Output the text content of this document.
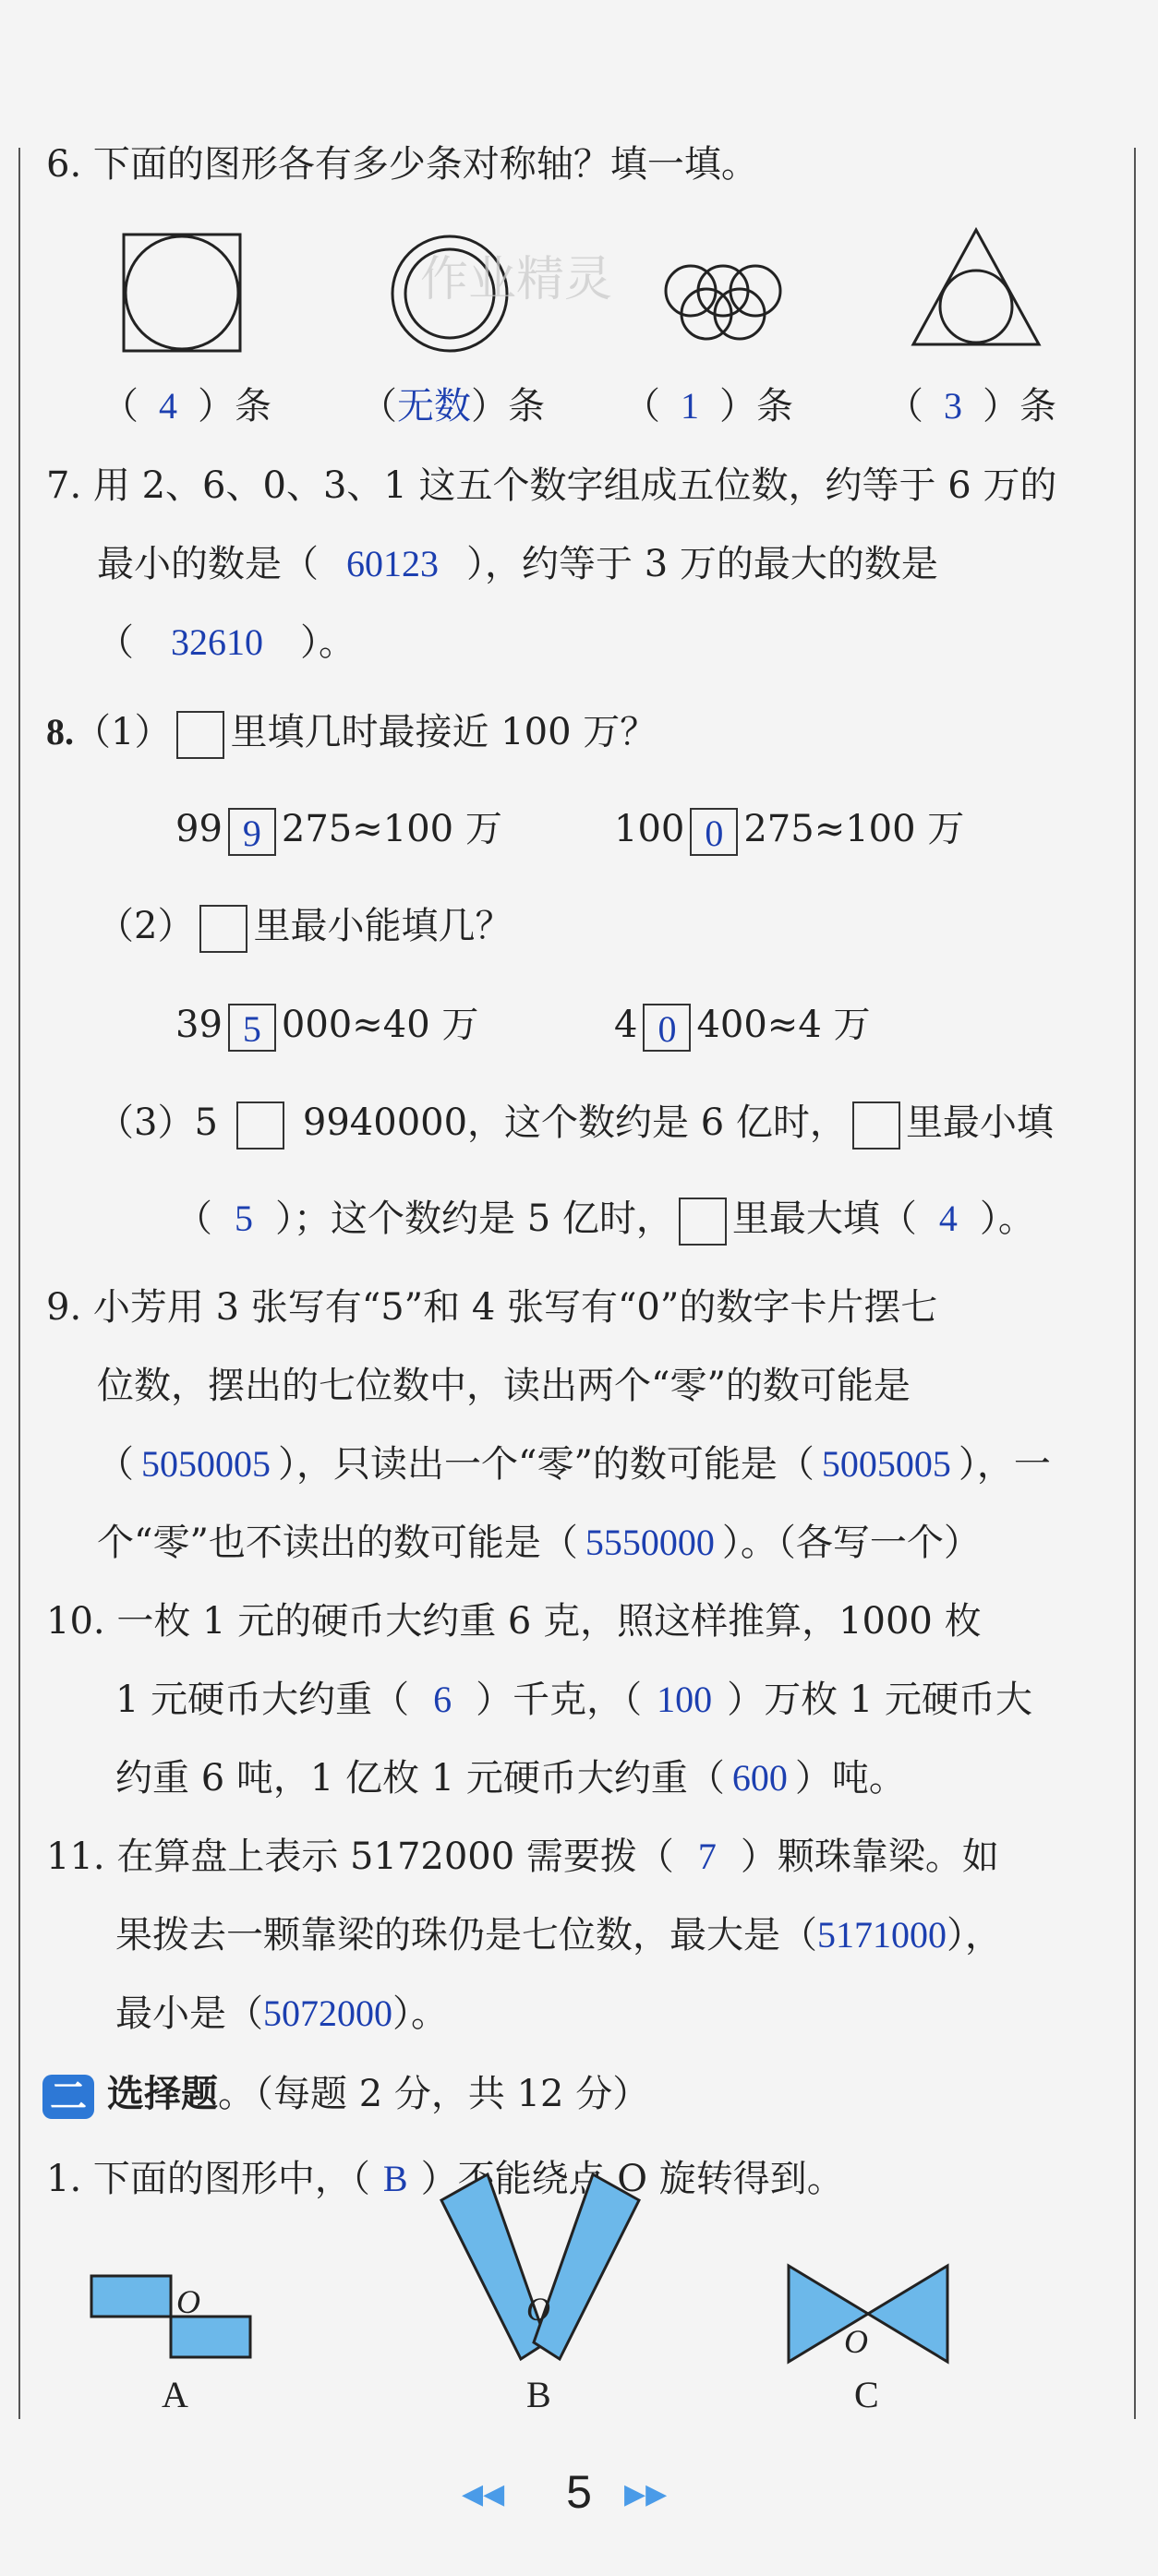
6. 下面的图形各有多少条对称轴？填一填。
作业精灵
（ 4 ）条 （无数）条 （ 1 ）条	（ 3 ）条
7. 用 2、6、0、3、1 这五个数字组成五位数，约等于 6 万的
最小的数是（ 60123 ），约等于 3 万的最大的数是
（ 32610 ）。
8.（1） 里填几时最接近 100 万？
99 9 275≈100 万	100 0 275≈100 万
（2） 里最小能填几？
39 5 000≈40 万	4 0 400≈4 万
（3）5 9940000，这个数约是 6 亿时， 里最小填
（ 5 ）；这个数约是 5 亿时， 里最大填（ 4 ）。
9. 小芳用 3 张写有“5”和 4 张写有“0”的数字卡片摆七
位数，摆出的七位数中，读出两个“零”的数可能是
（ 5050005 ），只读出一个“零”的数可能是（ 5005005 ），一
个“零”也不读出的数可能是（ 5550000 ）。（各写一个）
10. 一枚 1 元的硬币大约重 6 克，照这样推算，1000 枚
1 元硬币大约重（ 6 ）千克，（ 100 ）万枚 1 元硬币大
约重 6 吨，1 亿枚 1 元硬币大约重（ 600 ）吨。
11. 在算盘上表示 5172000 需要拨（ 7 ）颗珠靠梁。如
果拨去一颗靠梁的珠仍是七位数，最大是（5171000），
最小是（5072000）。
二 选择题。（每题 2 分，共 12 分）
1. 下面的图形中，（ B ）不能绕点 O 旋转得到。
O
A
O
B
O
C
◀◀	5	▶▶
